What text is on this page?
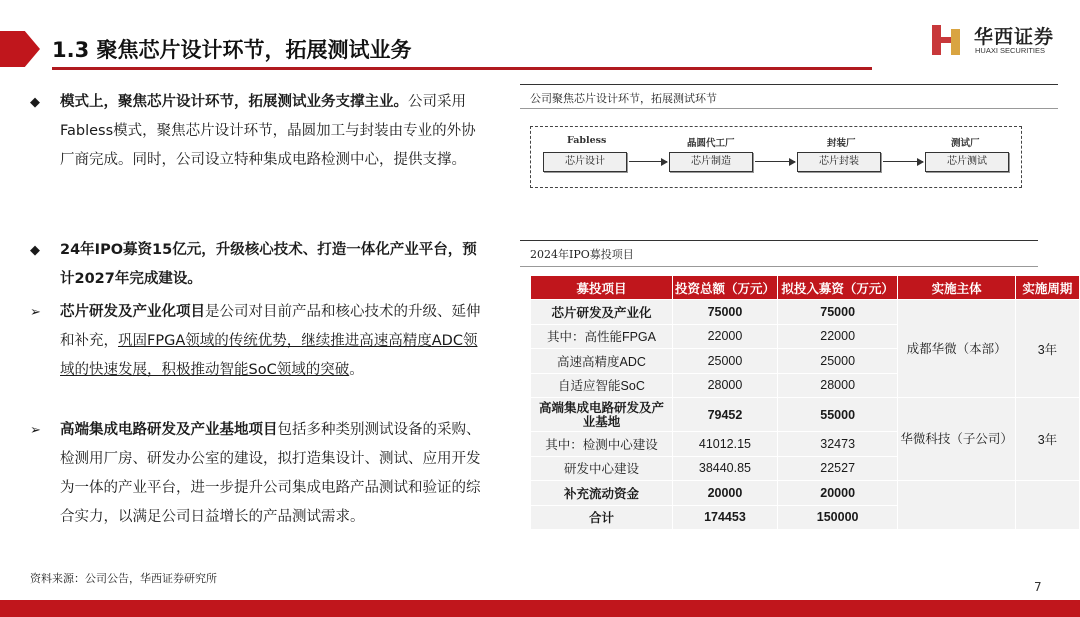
1.3 聚焦芯片设计环节，拓展测试业务
华西证券
HUAXI SECURITIES
◆ 模式上，聚焦芯片设计环节，拓展测试业务支撑主业。公司采用Fabless模式，聚焦芯片设计环节，晶圆加工与封装由专业的外协厂商完成。同时，公司设立特种集成电路检测中心，提供支撑。
◆ 24年IPO募资15亿元，升级核心技术、打造一体化产业平台，预计2027年完成建设。
➢ 芯片研发及产业化项目是公司对目前产品和核心技术的升级、延伸和补充，巩固FPGA领域的传统优势，继续推进高速高精度ADC领域的快速发展，积极推动智能SoC领域的突破。
➢ 高端集成电路研发及产业基地项目包括多种类别测试设备的采购、检测用厂房、研发办公室的建设，拟打造集设计、测试、应用开发为一体的产业平台，进一步提升公司集成电路产品测试和验证的综合实力，以满足公司日益增长的产品测试需求。
公司聚焦芯片设计环节，拓展测试环节
Fabless	晶圆代工厂	封装厂	测试厂
芯片设计	芯片制造	芯片封装	芯片测试
2024年IPO募投项目
募投项目	投资总额（万元）	拟投入募资（万元）	实施主体	实施周期
芯片研发及产业化	75000	75000	成都华微（本部）	3年
其中：高性能FPGA	22000	22000		
高速高精度ADC	25000	25000		
自适应智能SoC	28000	28000		
高端集成电路研发及产业基地	79452	55000	华微科技（子公司）	3年
其中：检测中心建设	41012.15	32473		
研发中心建设	38440.85	22527		
补充流动资金	20000	20000		
合计	174453	150000		
资料来源：公司公告，华西证券研究所
7
